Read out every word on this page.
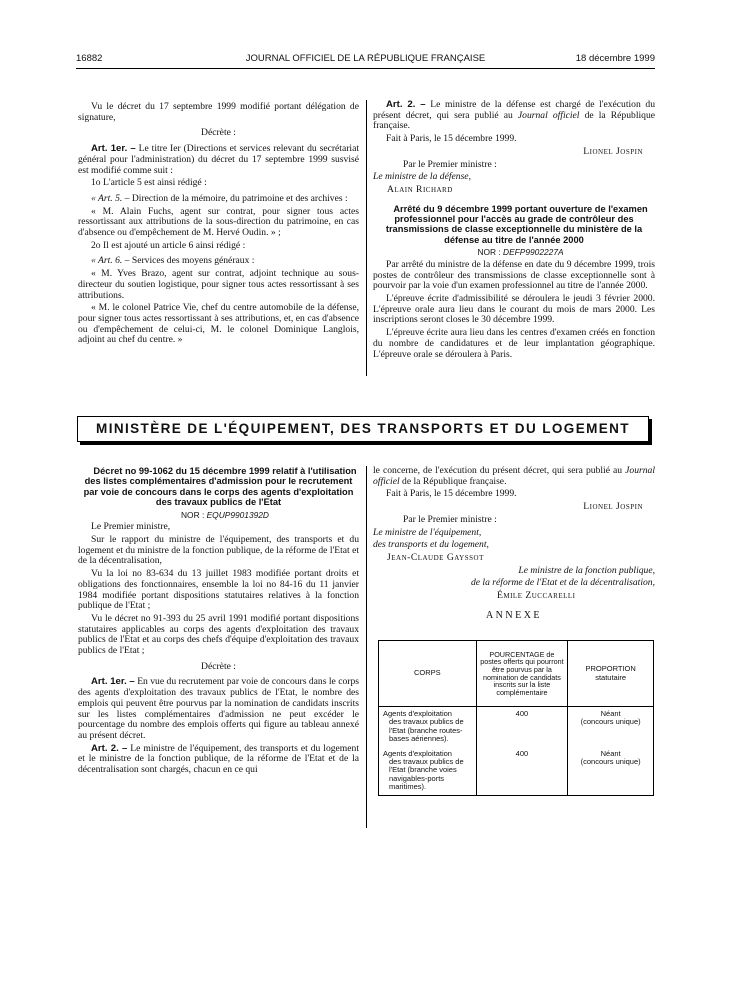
16882	JOURNAL OFFICIEL DE LA RÉPUBLIQUE FRANÇAISE	18 décembre 1999

Vu le décret du 17 septembre 1999 modifié portant délégation de signature,

Décrète :

Art. 1er. – Le titre Ier (Directions et services relevant du secrétariat général pour l'administration) du décret du 17 septembre 1999 susvisé est modifié comme suit :

1o L'article 5 est ainsi rédigé :

« Art. 5. – Direction de la mémoire, du patrimoine et des archives :

« M. Alain Fuchs, agent sur contrat, pour signer tous actes ressortissant aux attributions de la sous-direction du patrimoine, en cas d'absence ou d'empêchement de M. Hervé Oudin. » ;

2o Il est ajouté un article 6 ainsi rédigé :

« Art. 6. – Services des moyens généraux :

« M. Yves Brazo, agent sur contrat, adjoint technique au sous-directeur du soutien logistique, pour signer tous actes ressortissant à ses attributions.

« M. le colonel Patrice Vie, chef du centre automobile de la défense, pour signer tous actes ressortissant à ses attributions, et, en cas d'absence ou d'empêchement de celui-ci, M. le colonel Dominique Langlois, adjoint au chef du centre. »

Art. 2. – Le ministre de la défense est chargé de l'exécution du présent décret, qui sera publié au Journal officiel de la République française.

Fait à Paris, le 15 décembre 1999.

Lionel Jospin

Par le Premier ministre :

Le ministre de la défense,

Alain Richard

Arrêté du 9 décembre 1999 portant ouverture de l'examen professionnel pour l'accès au grade de contrôleur des transmissions de classe exceptionnelle du ministère de la défense au titre de l'année 2000

NOR : DEFP9902227A

Par arrêté du ministre de la défense en date du 9 décembre 1999, trois postes de contrôleur des transmissions de classe exceptionnelle sont à pourvoir par la voie d'un examen professionnel au titre de l'année 2000.

L'épreuve écrite d'admissibilité se déroulera le jeudi 3 février 2000. L'épreuve orale aura lieu dans le courant du mois de mars 2000. Les inscriptions seront closes le 30 décembre 1999.

L'épreuve écrite aura lieu dans les centres d'examen créés en fonction du nombre de candidatures et de leur implantation géographique. L'épreuve orale se déroulera à Paris.

MINISTÈRE DE L'ÉQUIPEMENT, DES TRANSPORTS ET DU LOGEMENT

Décret no 99-1062 du 15 décembre 1999 relatif à l'utilisation des listes complémentaires d'admission pour le recrutement par voie de concours dans le corps des agents d'exploitation des travaux publics de l'Etat

NOR : EQUP9901392D

Le Premier ministre,

Sur le rapport du ministre de l'équipement, des transports et du logement et du ministre de la fonction publique, de la réforme de l'Etat et de la décentralisation,

Vu la loi no 83-634 du 13 juillet 1983 modifiée portant droits et obligations des fonctionnaires, ensemble la loi no 84-16 du 11 janvier 1984 modifiée portant dispositions statutaires relatives à la fonction publique de l'Etat ;

Vu le décret no 91-393 du 25 avril 1991 modifié portant dispositions statutaires applicables au corps des agents d'exploitation des travaux publics de l'Etat et au corps des chefs d'équipe d'exploitation des travaux publics de l'Etat ;

Décrète :

Art. 1er. – En vue du recrutement par voie de concours dans le corps des agents d'exploitation des travaux publics de l'Etat, le nombre des emplois qui peuvent être pourvus par la nomination de candidats inscrits sur les listes complémentaires d'admission ne peut excéder le pourcentage du nombre des emplois offerts qui figure au tableau annexé au présent décret.

Art. 2. – Le ministre de l'équipement, des transports et du logement et le ministre de la fonction publique, de la réforme de l'Etat et de la décentralisation sont chargés, chacun en ce qui

le concerne, de l'exécution du présent décret, qui sera publié au Journal officiel de la République française.

Fait à Paris, le 15 décembre 1999.

Lionel Jospin

Par le Premier ministre :

Le ministre de l'équipement,

des transports et du logement,

Jean-Claude Gayssot

Le ministre de la fonction publique,

de la réforme de l'Etat et de la décentralisation,

Émile Zuccarelli

ANNEXE

CORPS	POURCENTAGE de postes offerts qui pourront être pourvus par la nomination de candidats inscrits sur la liste complémentaire	PROPORTION statutaire

Agents d'exploitation
des travaux publics de l'Etat (branche routes-bases aériennes).	400	Néant
(concours unique)

Agents d'exploitation
des travaux publics de l'Etat (branche voies navigables-ports maritimes).	400	Néant
(concours unique)
